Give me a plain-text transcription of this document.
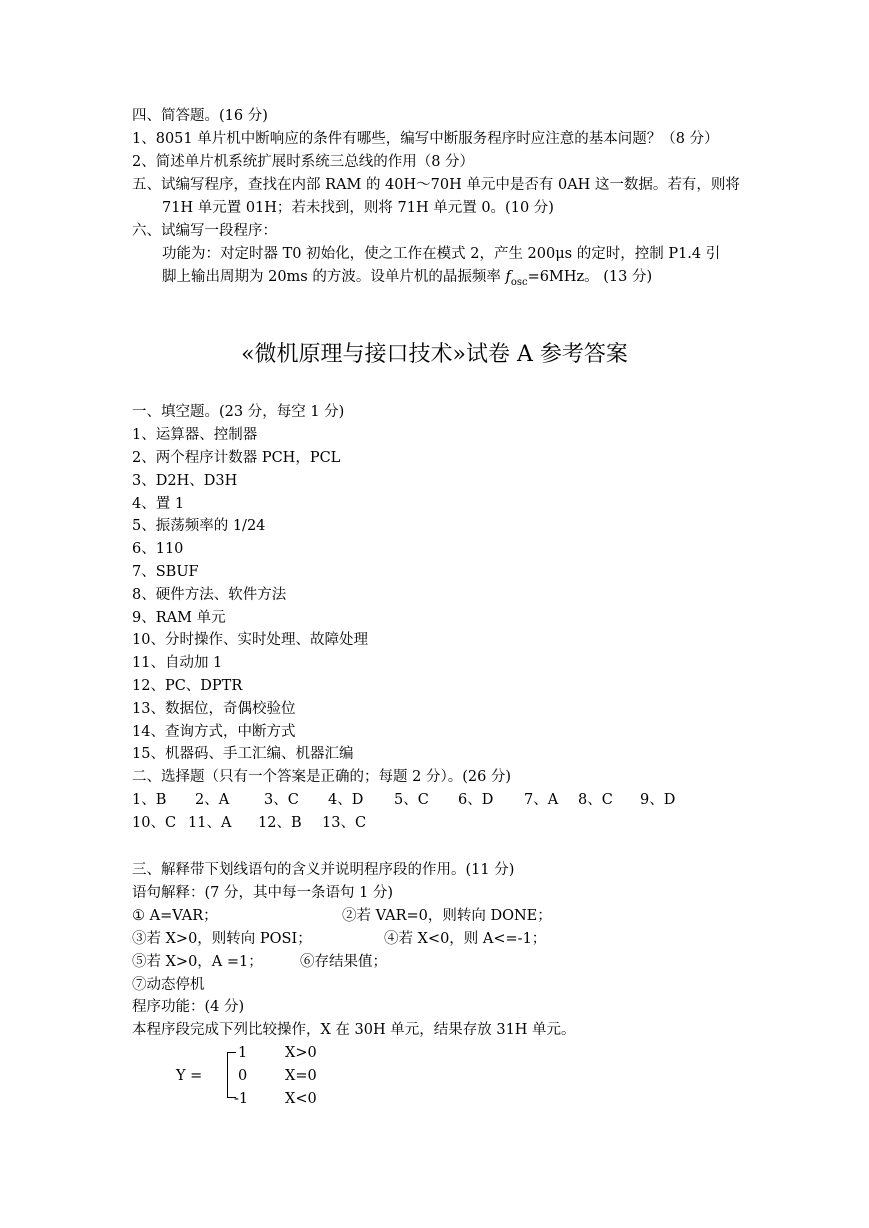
四、简答题。(16 分)
1、8051 单片机中断响应的条件有哪些，编写中断服务程序时应注意的基本问题？（8 分）
2、简述单片机系统扩展时系统三总线的作用（8 分）
五、试编写程序，查找在内部 RAM 的 40H～70H 单元中是否有 0AH 这一数据。若有，则将
71H 单元置 01H；若未找到，则将 71H 单元置 0。(10 分)
六、试编写一段程序：
功能为：对定时器 T0 初始化，使之工作在模式 2，产生 200μs 的定时，控制 P1.4 引
脚上输出周期为 20ms 的方波。设单片机的晶振频率 $f_{osc}=6MHz$。 (13 分)
«微机原理与接口技术»试卷 A 参考答案
一、填空题。(23 分，每空 1 分)
1、运算器、控制器
2、两个程序计数器 PCH，PCL
3、D2H、D3H
4、置 1
5、振荡频率的 1/24
6、110
7、SBUF
8、硬件方法、软件方法
9、RAM 单元
10、分时操作、实时处理、故障处理
11、自动加 1
12、PC、DPTR
13、数据位，奇偶校验位
14、查询方式，中断方式
15、机器码、手工汇编、机器汇编
二、选择题（只有一个答案是正确的；每题 2 分）。(26 分)
1、B 2、A 3、C 4、D 5、C 6、D 7、A 8、C 9、D
10、C 11、A 12、B 13、C
三、解释带下划线语句的含义并说明程序段的作用。(11 分)
语句解释：(7 分，其中每一条语句 1 分)
① A=VAR；	②若 VAR=0，则转向 DONE；
③若 X>0，则转向 POSI；	④若 X<0，则 A<=-1；
⑤若 X>0，A =1；	⑥存结果值；
⑦动态停机
程序功能：(4 分)
本程序段完成下列比较操作，X 在 30H 单元，结果存放 31H 单元。
Y =
1	X>0
0	X=0
-1	X<0
